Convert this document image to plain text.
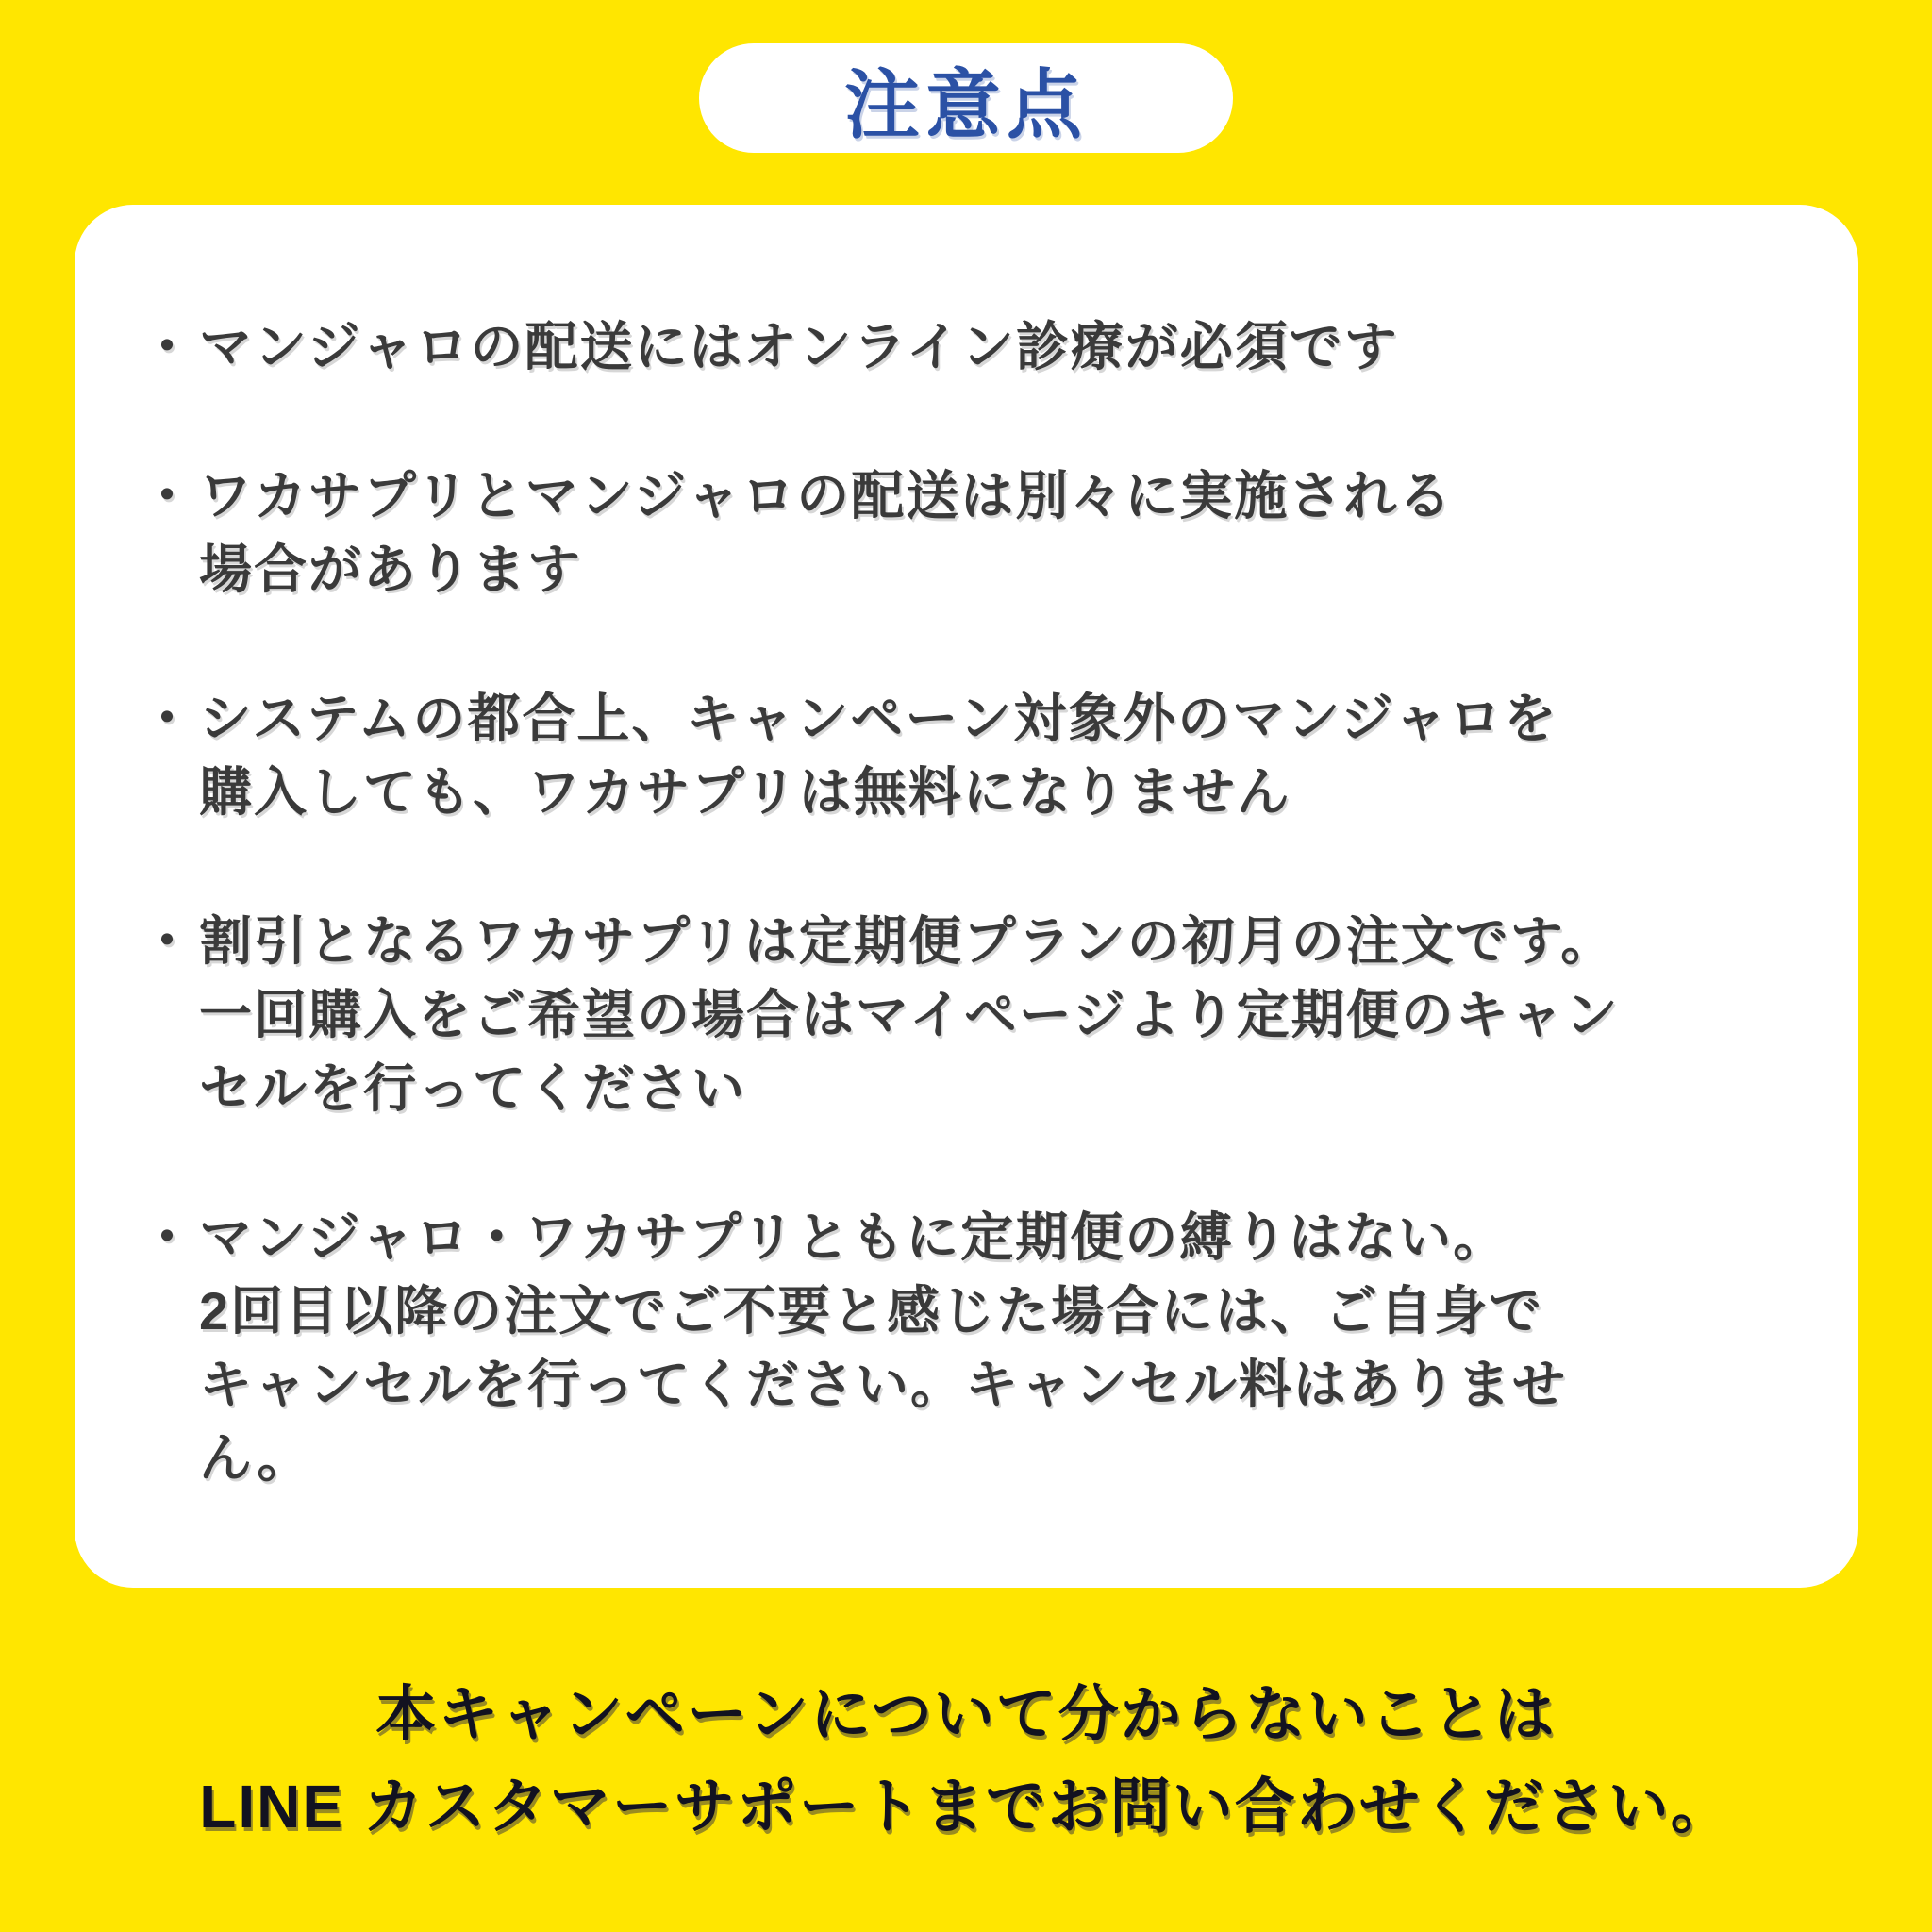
注意点
・ マンジャロの配送にはオンライン診療が必須です
・ ワカサプリとマンジャロの配送は別々に実施される
場合があります
・ システムの都合上、キャンペーン対象外のマンジャロを
購入しても、ワカサプリは無料になりません
・ 割引となるワカサプリは定期便プランの初月の注文です。
一回購入をご希望の場合はマイページより定期便のキャン
セルを行ってください
・ マンジャロ・ワカサプリともに定期便の縛りはない。
2回目以降の注文でご不要と感じた場合には、ご自身で
キャンセルを行ってください。キャンセル料はありませ
ん。
本キャンペーンについて分からないことは
LINE カスタマーサポートまでお問い合わせください。
